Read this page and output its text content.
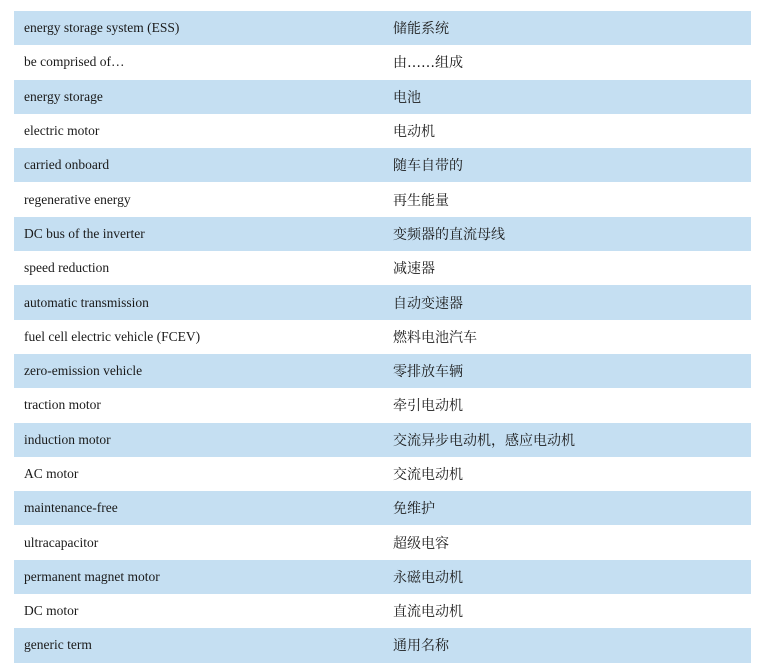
energy storage system (ESS)	储能系统
be comprised of…	由……组成
energy storage	电池
electric motor	电动机
carried onboard	随车自带的
regenerative energy	再生能量
DC bus of the inverter	变频器的直流母线
speed reduction	减速器
automatic transmission	自动变速器
fuel cell electric vehicle (FCEV)	燃料电池汽车
zero-emission vehicle	零排放车辆
traction motor	牵引电动机
induction motor	交流异步电动机，感应电动机
AC motor	交流电动机
maintenance-free	免维护
ultracapacitor	超级电容
permanent magnet motor	永磁电动机
DC motor	直流电动机
generic term	通用名称
